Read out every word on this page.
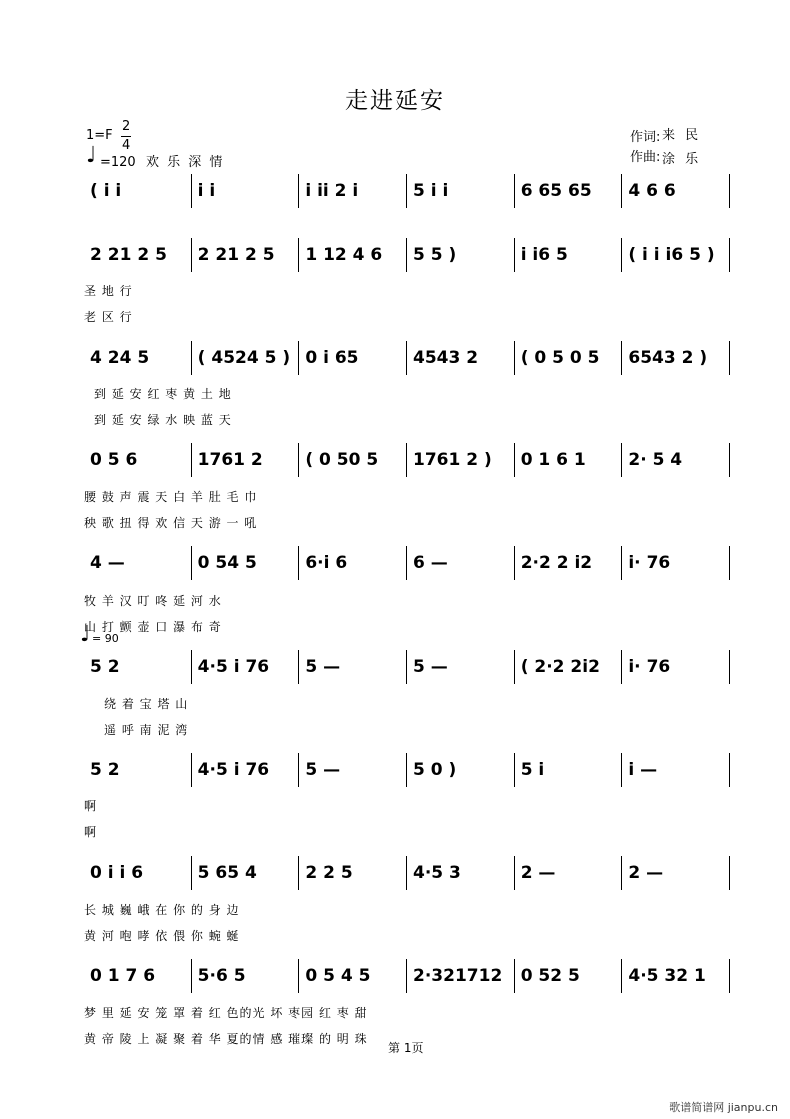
走进延安
1=F
2
4
♩ =120 欢 乐 深 情
作词: 来 民
作曲: 涂 乐
♩ = 90
( i i	i i	i ii 2 i	5 i i	6 65 65	4 6 6
2 21 2 5	2 21 2 5	1 12 4 6	5 5 )	i i6 5	( i i i6 5 )
圣 地 行
老 区 行
4 24 5	( 4524 5 ) 0 i 65	4543 2	( 0 5 0 5	6543 2 )
到 延 安 红 枣 黄 土 地
到 延 安 绿 水 映 蓝 天
0 5 6	1761 2	( 0 50 5	1761 2 )	0 1 6 1	2· 5 4
腰 鼓 声 震 天 白 羊 肚 毛 巾
秧 歌 扭 得 欢 信 天 游 一 吼
4 —	0 54 5	6·i 6	6 —	2·2 2 i2	i· 76
牧 羊 汉 叮 咚 延 河 水
山 打 颤 壶 口 瀑 布 奇
5 2	4·5 i 76	5 —	5 —	( 2·2 2i2	i· 76
绕 着 宝 塔 山
遥 呼 南 泥 湾
5 2	4·5 i 76	5 —	5 0 )	5 i	i —
啊
啊
0 i i 6	5 65 4	2 2 5	4·5 3	2 —	2 —
长 城 巍 峨 在 你 的 身 边
黄 河 咆 哮 依 偎 你 蜿 蜒
0 1 7 6	5·6 5	0 5 4 5	2·321712	0 52 5	4·5 32 1
梦 里 延 安 笼 罩 着 红 色的光 坏 枣园 红 枣 甜
黄 帝 陵 上 凝 聚 着 华 夏的情 感 璀璨 的 明 珠
第 1页
歌谱简谱网 jianpu.cn
